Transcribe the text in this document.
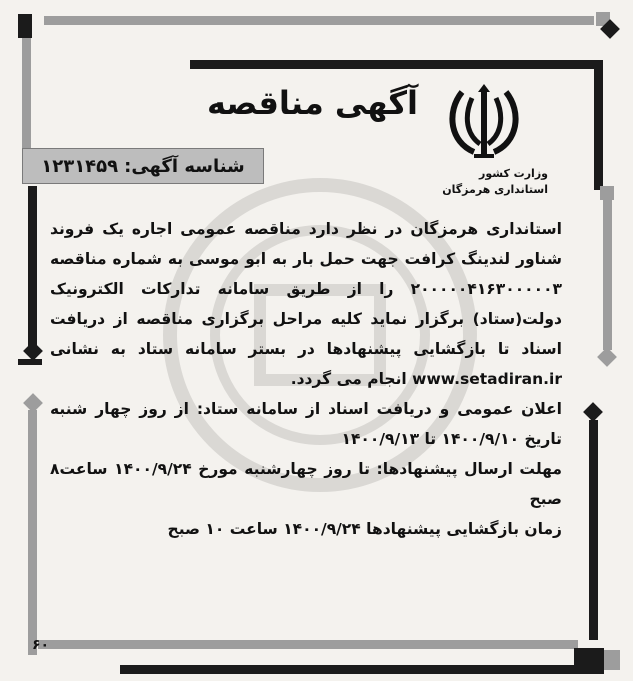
آگهی مناقصه
وزارت کشور
استانداری هرمزگان
شناسه آگهی:
۱۲۳۱۴۵۹

استانداری هرمزگان در نظر دارد مناقصه عمومی اجاره یک فروند شناور لندینگ کرافت جهت حمل بار به ابو موسی به شماره مناقصه ۲۰۰۰۰۰۴۱۶۳۰۰۰۰۰۳ را از طریق سامانه تدارکات الکترونیک دولت(ستاد) برگزار نماید کلیه مراحل برگزاری مناقصه از دریافت اسناد تا بازگشایی پیشنهادها در بستر سامانه ستاد به نشانی www.setadiran.ir انجام می گردد.

اعلان عمومی و دریافت اسناد از سامانه ستاد: از روز چهار شنبه تاریخ ۱۴۰۰/۹/۱۰ تا ۱۴۰۰/۹/۱۳

مهلت ارسال پیشنهادها: تا روز چهارشنبه مورخ ۱۴۰۰/۹/۲۴ ساعت۸ صبح

زمان بازگشایی پیشنهادها ۱۴۰۰/۹/۲۴ ساعت ۱۰ صبح

۶۰
